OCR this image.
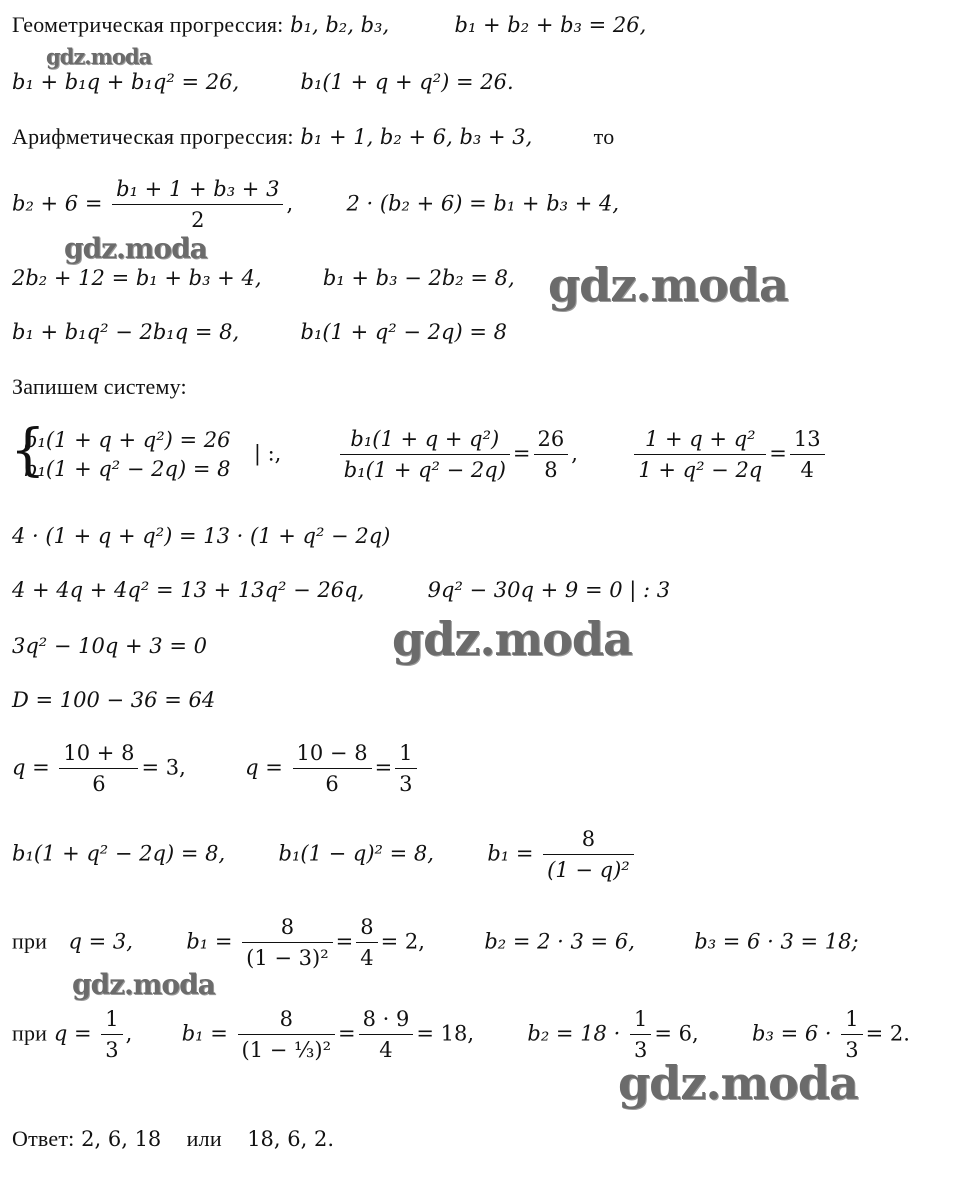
Геометрическая прогрессия: b₁, b₂, b₃,	b₁ + b₂ + b₃ = 26,
b₁ + b₁q + b₁q² = 26,	b₁(1 + q + q²) = 26.
Арифметическая прогрессия: b₁ + 1, b₂ + 6, b₃ + 3,	то
$b_2 + 6 = \frac{\text{b₁ + 1 + b₃ + 3}}{2}$ ,	2 · (b₂ + 6) = b₁ + b₃ + 4,
2b₂ + 12 = b₁ + b₃ + 4,	b₁ + b₃ − 2b₂ = 8,
b₁ + b₁q² − 2b₁q = 8,	b₁(1 + q² − 2q) = 8
Запишем систему:
{
b₁(1 + q + q²) = 26
b₁(1 + q² − 2q) = 8
| :,	$\frac{\text{b₁(1 + q + q²)}}{\text{b₁(1 + q² − 2q)}} = \frac{26}{8}$ ,	$\frac{\text{1 + q + q²}}{\text{1 + q² − 2q}} = \frac{13}{4}$
4 · (1 + q + q²) = 13 · (1 + q² − 2q)
4 + 4q + 4q² = 13 + 13q² − 26q,	9q² − 30q + 9 = 0 | : 3
3q² − 10q + 3 = 0
D = 100 − 36 = 64
$q = \frac{10 + 8}{6} = 3$,	$q = \frac{10 - 8}{6} = \frac{1}{3}$
b₁(1 + q² − 2q) = 8,	b₁(1 − q)² = 8,	$b_1 = \frac{8}{\text{(1 − q)²}}$
при q = 3,	$b_1 = \frac{8}{\text{(1 − 3)²}} = \frac{8}{4} = 2$,	b₂ = 2 · 3 = 6,	b₃ = 6 · 3 = 18;
при $q = \frac{1}{3}$ , $b_1 = \frac{8}{\text{(1 − ⅓)²}} = \frac{8 \cdot 9}{4} = 18$,	$b_2 = 18 \cdot \frac{1}{3} = 6$,	$b_3 = 6 \cdot \frac{1}{3} = 2$.
Ответ: 2, 6, 18 или 18, 6, 2.
gdz.moda
gdz.moda
gdz.moda
gdz.moda
gdz.moda
gdz.moda
